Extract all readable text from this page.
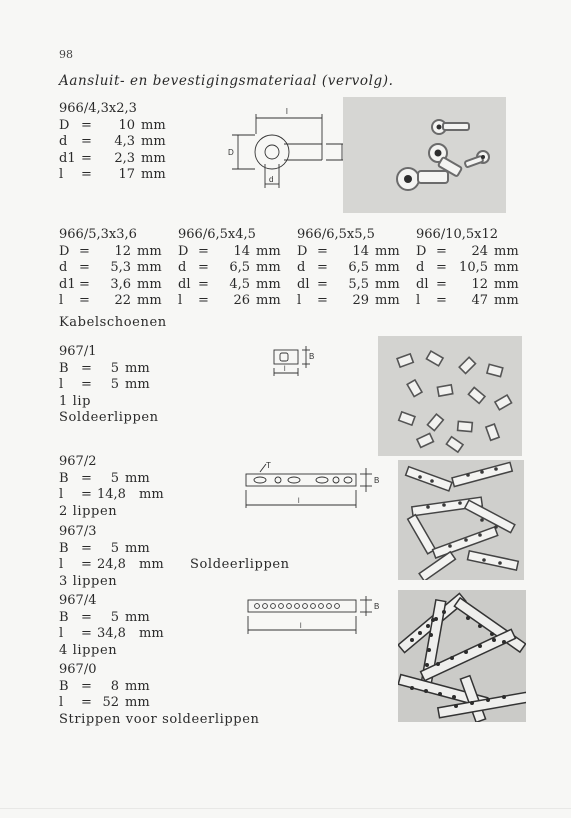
98
Aansluit- en bevestigingsmateriaal (vervolg).
966/4,3x2,3
D =	10 mm
d	=	4,3 mm
d1 =	2,3 mm
l	=	17 mm
l
D
d
966/5,3x3,6
D =	12 mm
d =	5,3 mm
d1 =	3,6 mm
l	=	22 mm
966/6,5x4,5
D =	14 mm
d =	6,5 mm
dl =	4,5 mm
l	=	26 mm
966/6,5x5,5
D =	14 mm
d =	6,5 mm
dl =	5,5 mm
l	=	29 mm
966/10,5x12
D =	24 mm
d = 10,5 mm
dl =	12 mm
l	=	47 mm
Kabelschoenen
967/1
B =	5 mm
l	=	5 mm
1 lip
Soldeerlippen
B
l
967/2
B =	5 mm
l	= 14,8	mm
2 lippen
T
B
l
967/3
B =	5 mm
l	= 24,8	mm
3 lippen
Soldeerlippen
967/4
B =	5 mm
l	= 34,8	mm
4 lippen
B
l
967/0
B =	8 mm
l	= 52 mm
Strippen voor soldeerlippen
